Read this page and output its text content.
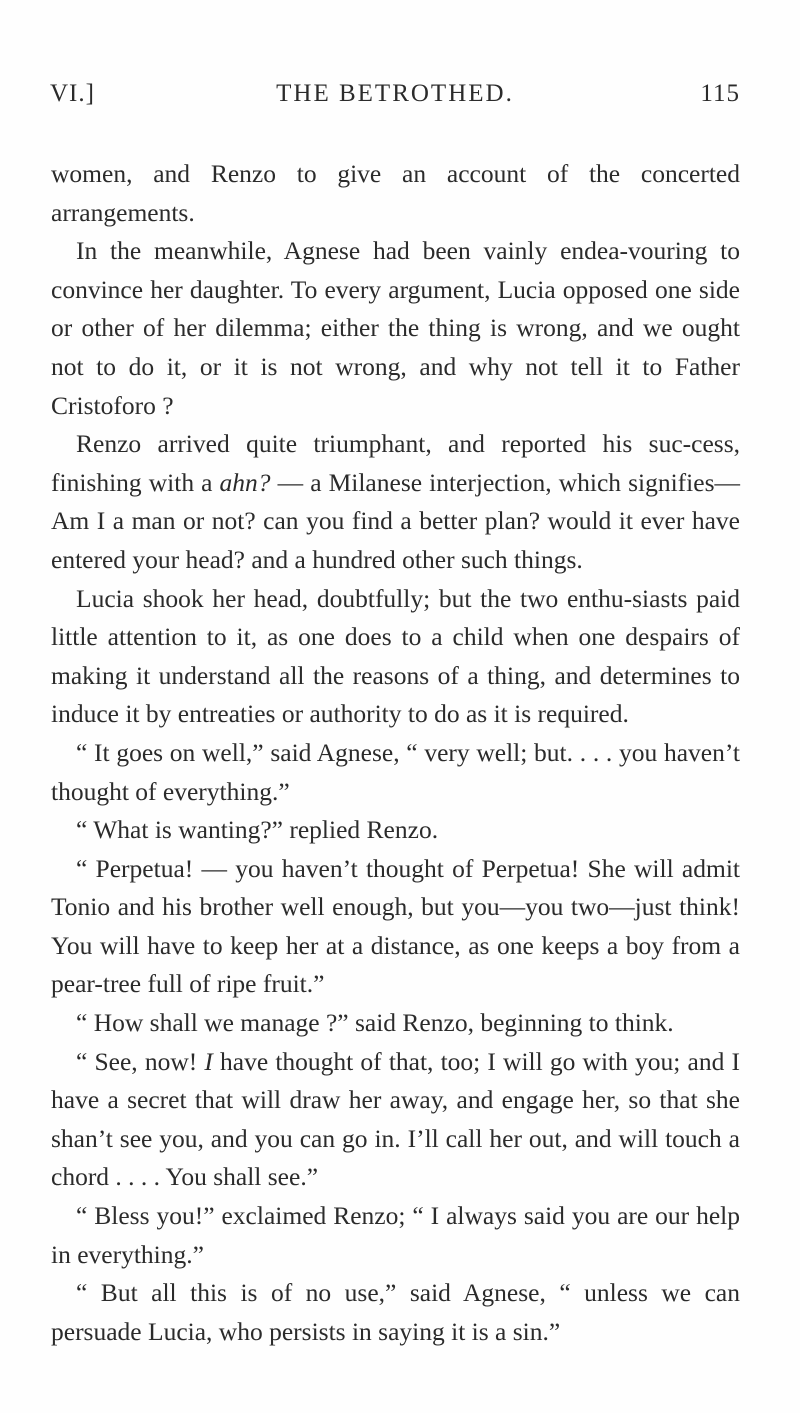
VI.]	THE BETROTHED.	115

women, and Renzo to give an account of the concerted arrangements.

In the meanwhile, Agnese had been vainly endea-vouring to convince her daughter. To every argument, Lucia opposed one side or other of her dilemma; either the thing is wrong, and we ought not to do it, or it is not wrong, and why not tell it to Father Cristoforo ?

Renzo arrived quite triumphant, and reported his suc-cess, finishing with a ahn? — a Milanese interjection, which signifies—Am I a man or not? can you find a better plan? would it ever have entered your head? and a hundred other such things.

Lucia shook her head, doubtfully; but the two enthu-siasts paid little attention to it, as one does to a child when one despairs of making it understand all the reasons of a thing, and determines to induce it by entreaties or authority to do as it is required.

“ It goes on well,” said Agnese, “ very well; but. . . . you haven’t thought of everything.”

“ What is wanting?” replied Renzo.

“ Perpetua! — you haven’t thought of Perpetua! She will admit Tonio and his brother well enough, but you—you two—just think! You will have to keep her at a distance, as one keeps a boy from a pear-tree full of ripe fruit.”

“ How shall we manage ?” said Renzo, beginning to think.

“ See, now! I have thought of that, too; I will go with you; and I have a secret that will draw her away, and engage her, so that she shan’t see you, and you can go in. I’ll call her out, and will touch a chord . . . . You shall see.”

“ Bless you!” exclaimed Renzo; “ I always said you are our help in everything.”

“ But all this is of no use,” said Agnese, “ unless we can persuade Lucia, who persists in saying it is a sin.”
